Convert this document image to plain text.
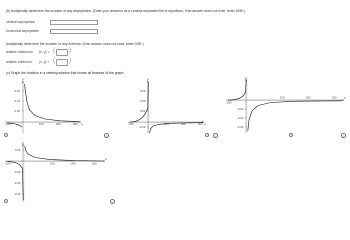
(b) Analytically determine the location of any asymptotes. (Enter your answers as a comma-separated list of equations. If an answer does not exist, enter DNE.)
vertical asymptotes
horizontal asymptotes
Analytically determine the location of any extrema. (If an answer does not exist, enter DNE.)
relative maximum (x, y) = ( )
relative minimum (x, y) = ( )
(c) Graph the function in a viewing window that shows all features of the graph.
y
x
0.06
0.04
0.02
-100	100	200	300
i
y
x
0.06
0.04
0.02
-0.02
-100	100	200	300
i
y
x
-0.02
-0.04
-0.06
-100
100	200	300
i
y
x
0.02
-0.02
-0.04
-0.06
-100	100	200	300
i
